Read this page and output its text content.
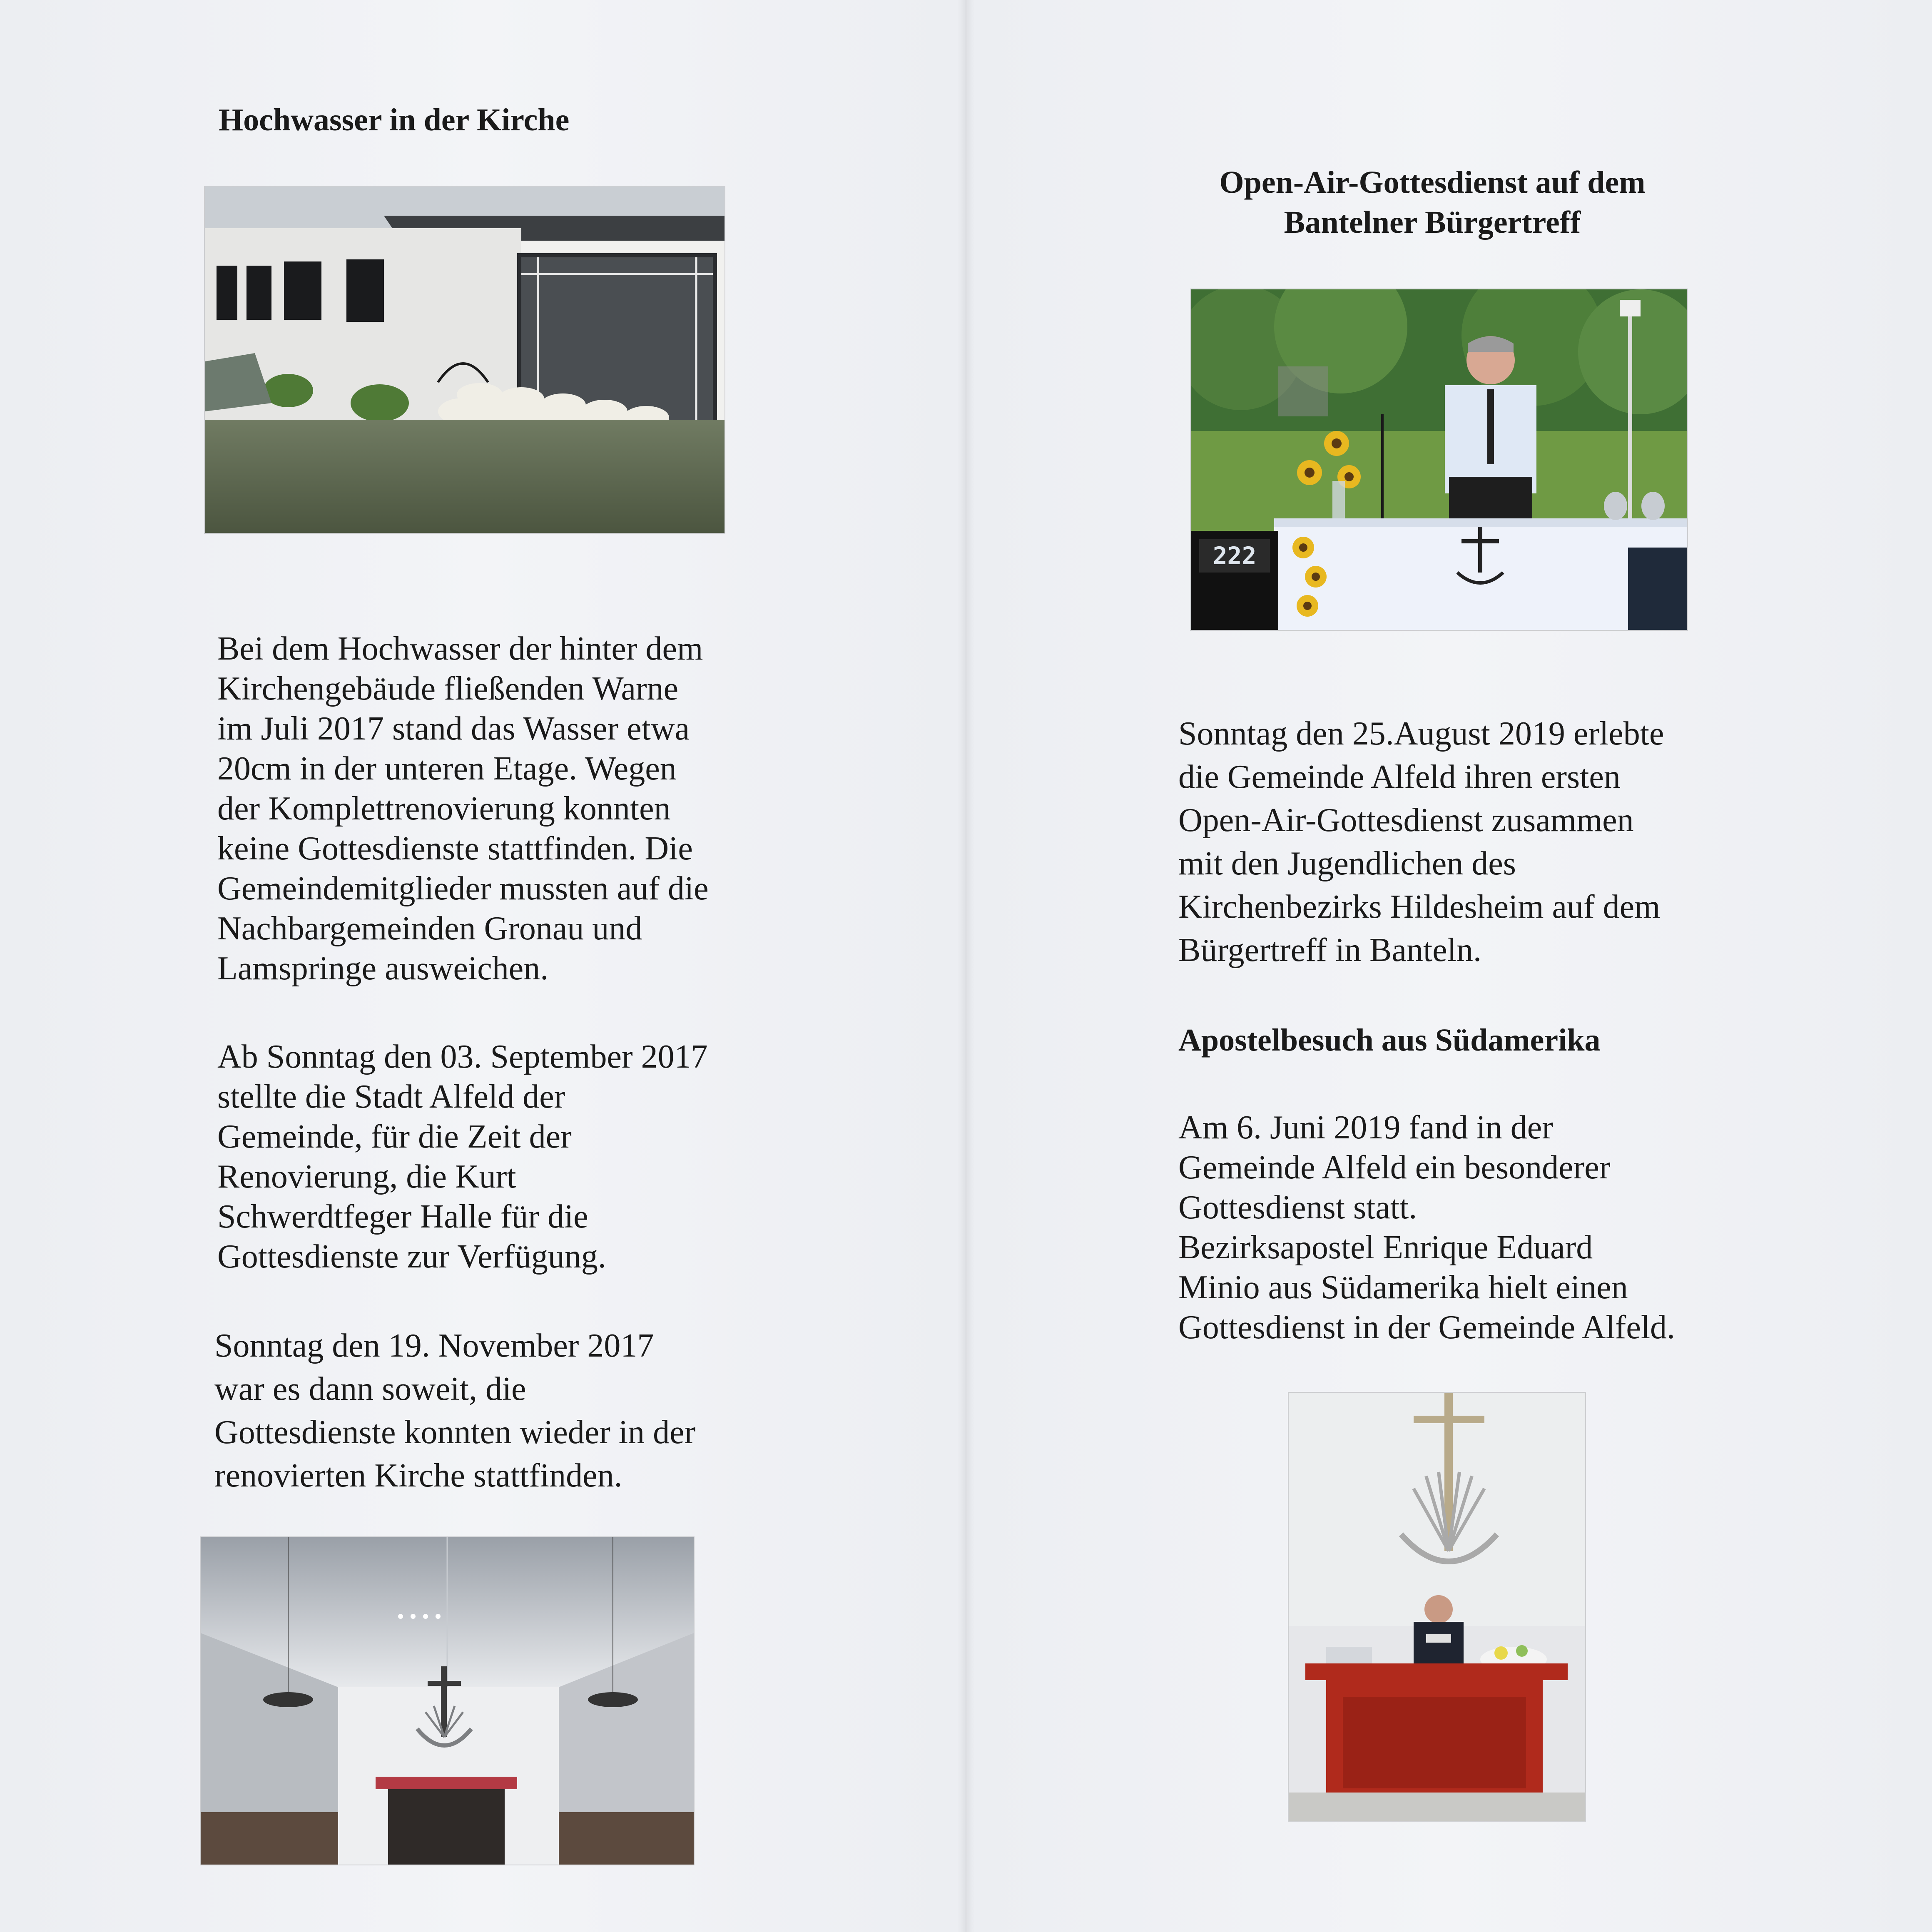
Hochwasser in der Kirche
Bei dem Hochwasser der hinter dem
Kirchengebäude fließenden Warne
im Juli 2017 stand das Wasser etwa
20cm in der unteren Etage. Wegen
der Komplettrenovierung konnten
keine Gottesdienste stattfinden. Die
Gemeindemitglieder mussten auf die
Nachbargemeinden Gronau und
Lamspringe ausweichen.
Ab Sonntag den 03. September 2017
stellte die Stadt Alfeld der
Gemeinde, für die Zeit der
Renovierung, die Kurt
Schwerdtfeger Halle für die
Gottesdienste zur Verfügung.
Sonntag den 19. November 2017
war es dann soweit, die
Gottesdienste konnten wieder in der
renovierten Kirche stattfinden.
Open-Air-Gottesdienst auf dem
Bantelner Bürgertreff
222
Sonntag den 25.August 2019 erlebte
die Gemeinde Alfeld ihren ersten
Open-Air-Gottesdienst zusammen
mit den Jugendlichen des
Kirchenbezirks Hildesheim auf dem
Bürgertreff in Banteln.
Apostelbesuch aus Südamerika
Am 6. Juni 2019 fand in der
Gemeinde Alfeld ein besonderer
Gottesdienst statt.
Bezirksapostel Enrique Eduard
Minio aus Südamerika hielt einen
Gottesdienst in der Gemeinde Alfeld.
